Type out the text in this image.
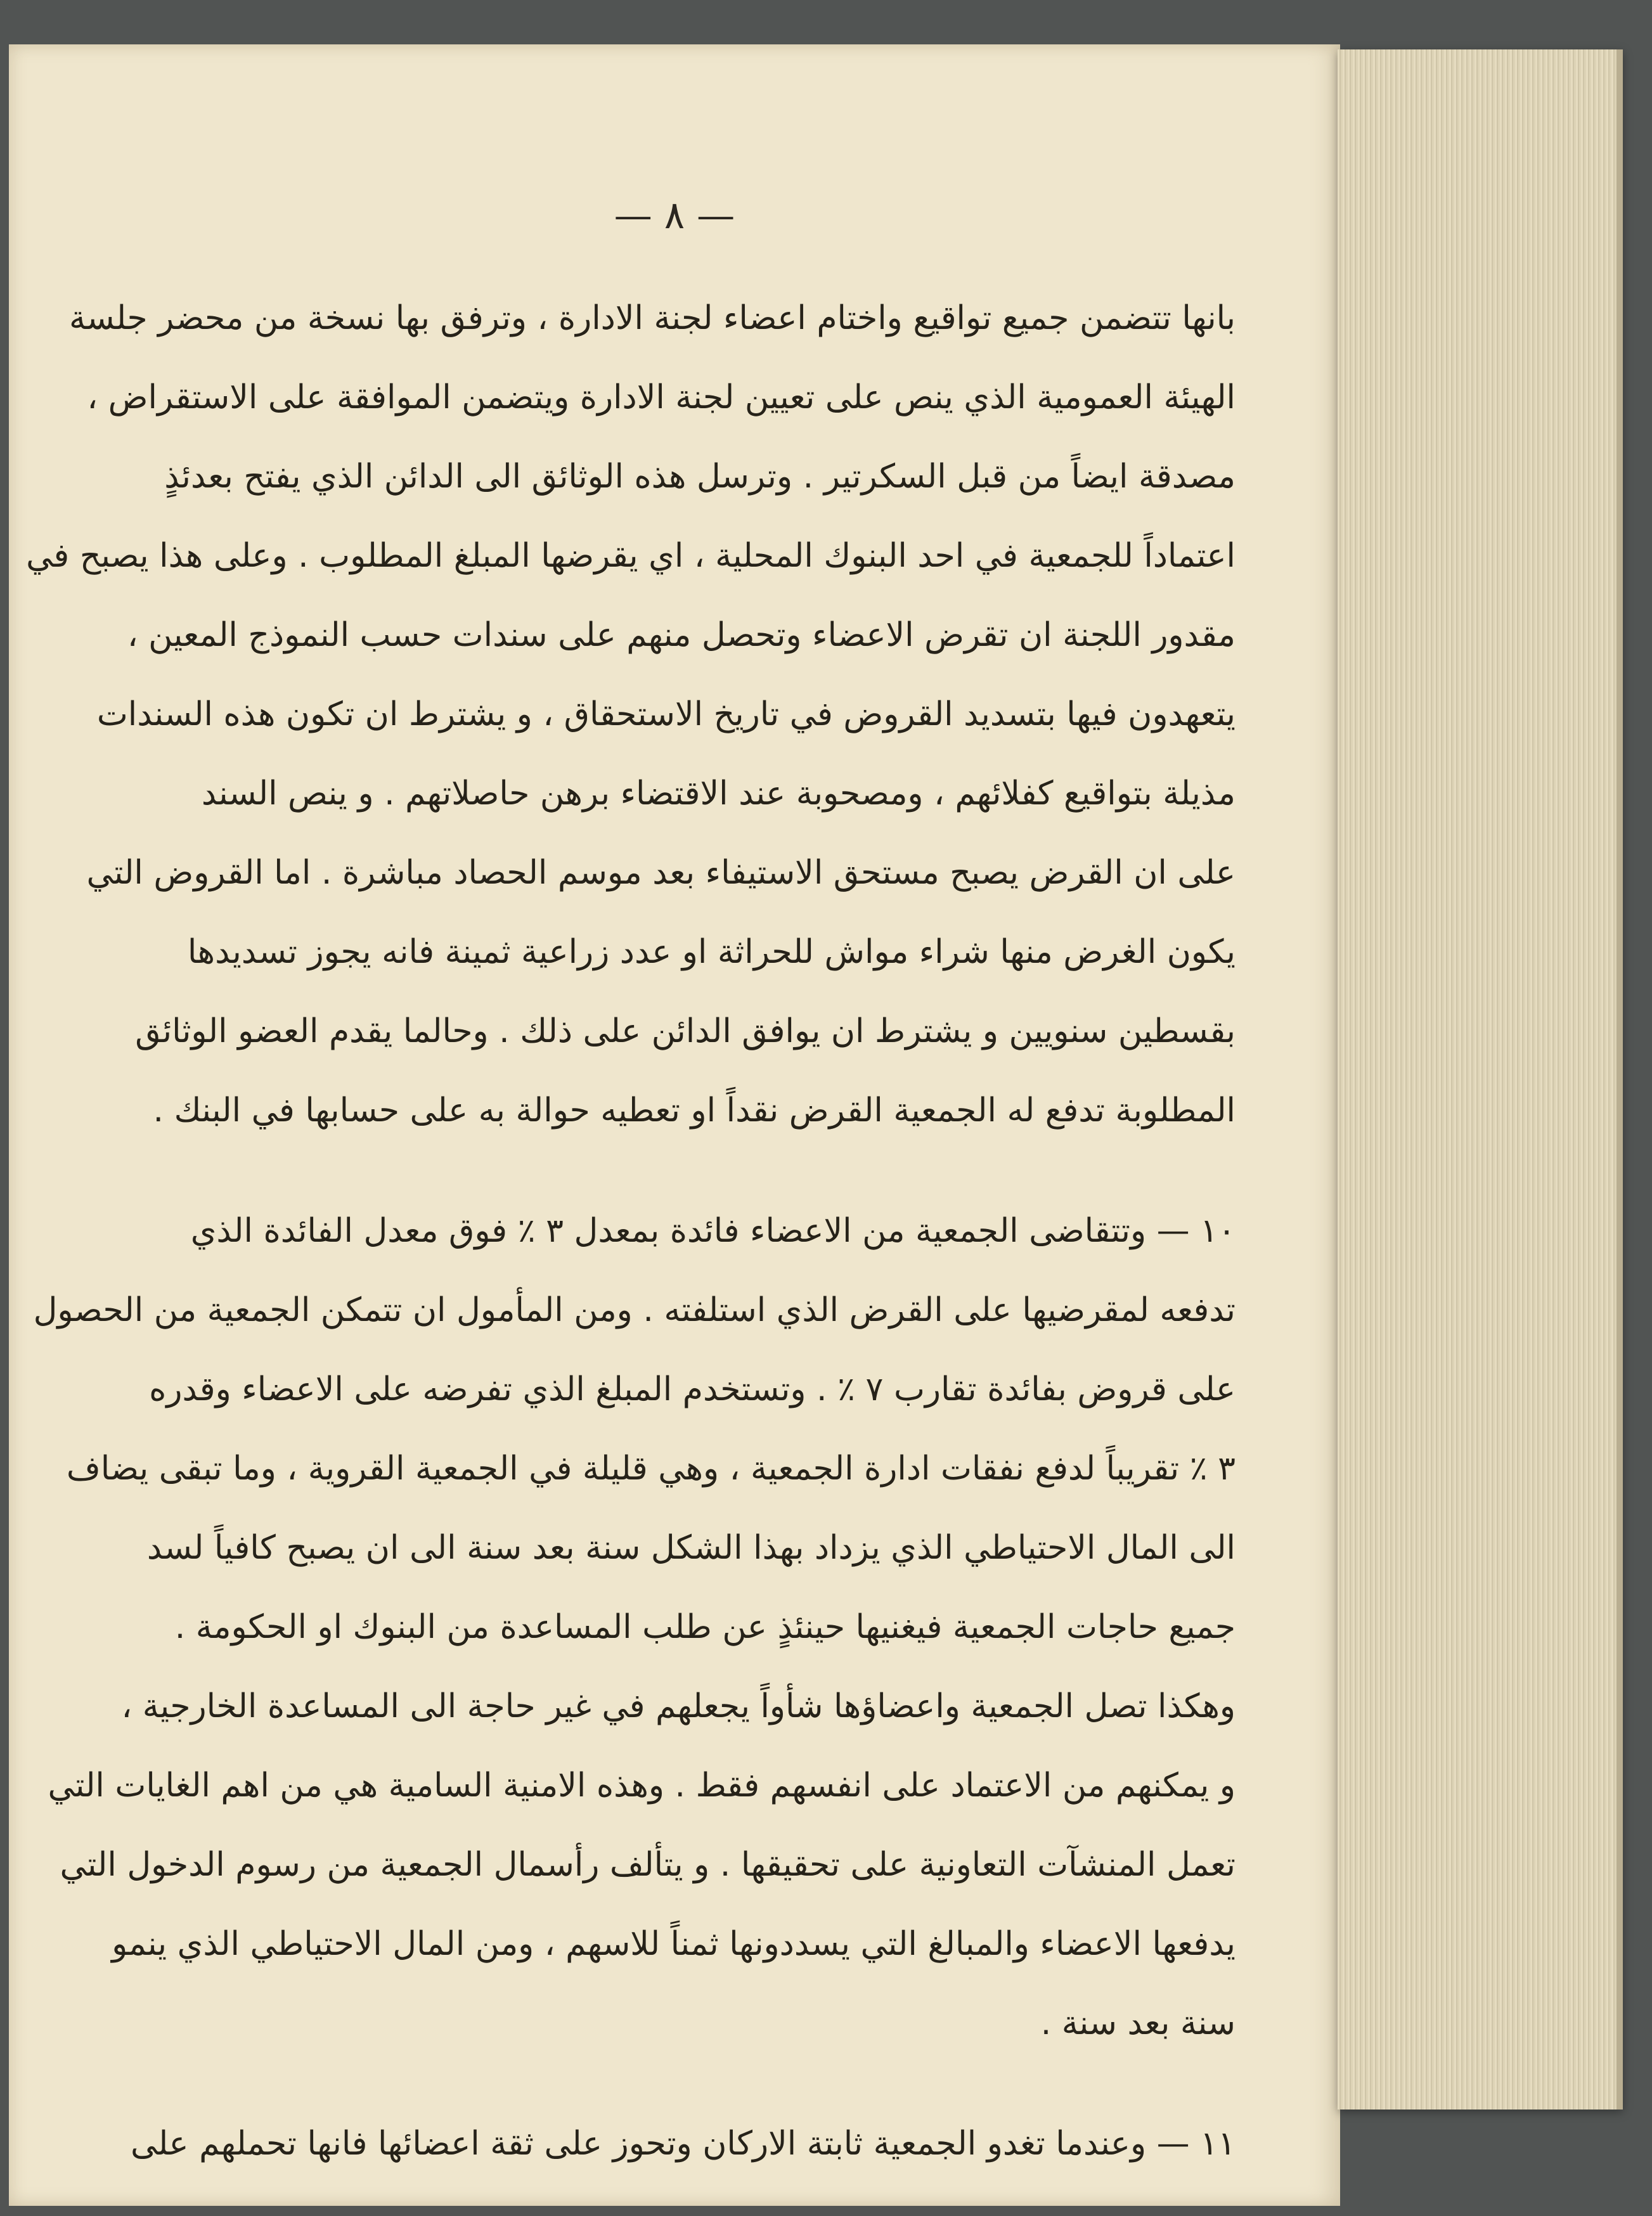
— ٨ —
بانها تتضمن جميع تواقيع واختام اعضاء لجنة الادارة ، وترفق بها نسخة من محضر جلسة
الهيئة العمومية الذي ينص على تعيين لجنة الادارة ويتضمن الموافقة على الاستقراض ،
مصدقة ايضاً من قبل السكرتير . وترسل هذه الوثائق الى الدائن الذي يفتح بعدئذٍ
اعتماداً للجمعية في احد البنوك المحلية ، اي يقرضها المبلغ المطلوب . وعلى هذا يصبح في
مقدور اللجنة ان تقرض الاعضاء وتحصل منهم على سندات حسب النموذج المعين ،
يتعهدون فيها بتسديد القروض في تاريخ الاستحقاق ، و يشترط ان تكون هذه السندات
مذيلة بتواقيع كفلائهم ، ومصحوبة عند الاقتضاء برهن حاصلاتهم . و ينص السند
على ان القرض يصبح مستحق الاستيفاء بعد موسم الحصاد مباشرة . اما القروض التي
يكون الغرض منها شراء مواش للحراثة او عدد زراعية ثمينة فانه يجوز تسديدها
بقسطين سنويين و يشترط ان يوافق الدائن على ذلك . وحالما يقدم العضو الوثائق
المطلوبة تدفع له الجمعية القرض نقداً او تعطيه حوالة به على حسابها في البنك .
١٠ — وتتقاضى الجمعية من الاعضاء فائدة بمعدل ٣ ٪ فوق معدل الفائدة الذي
تدفعه لمقرضيها على القرض الذي استلفته . ومن المأمول ان تتمكن الجمعية من الحصول
على قروض بفائدة تقارب ٧ ٪ . وتستخدم المبلغ الذي تفرضه على الاعضاء وقدره
٣ ٪ تقريباً لدفع نفقات ادارة الجمعية ، وهي قليلة في الجمعية القروية ، وما تبقى يضاف
الى المال الاحتياطي الذي يزداد بهذا الشكل سنة بعد سنة الى ان يصبح كافياً لسد
جميع حاجات الجمعية فيغنيها حينئذٍ عن طلب المساعدة من البنوك او الحكومة .
وهكذا تصل الجمعية واعضاؤها شأواً يجعلهم في غير حاجة الى المساعدة الخارجية ،
و يمكنهم من الاعتماد على انفسهم فقط . وهذه الامنية السامية هي من اهم الغايات التي
تعمل المنشآت التعاونية على تحقيقها . و يتألف رأسمال الجمعية من رسوم الدخول التي
يدفعها الاعضاء والمبالغ التي يسددونها ثمناً للاسهم ، ومن المال الاحتياطي الذي ينمو
سنة بعد سنة .
١١ — وعندما تغدو الجمعية ثابتة الاركان وتحوز على ثقة اعضائها فانها تحملهم على
